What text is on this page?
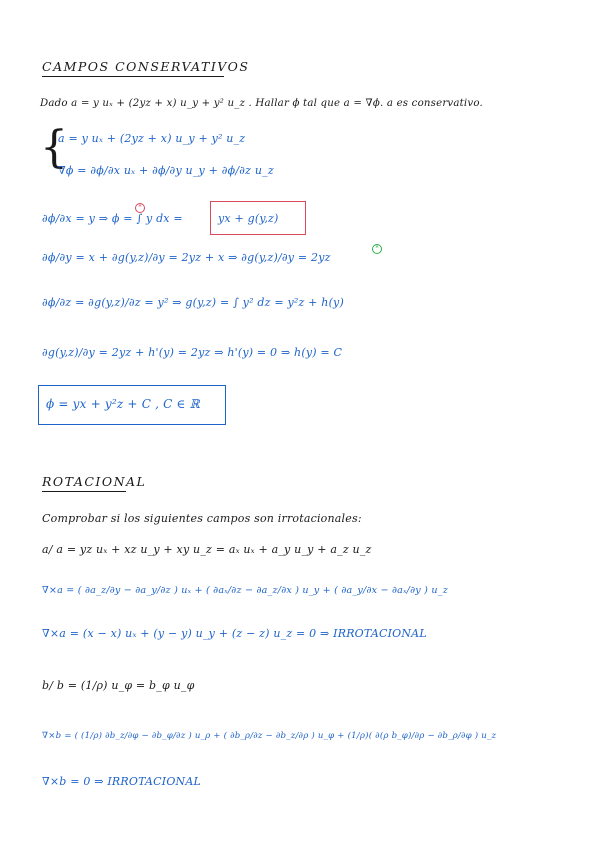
CAMPOS CONSERVATIVOS
Dado a = y uₓ + (2yz + x) u_y + y² u_z . Hallar ϕ tal que a = ∇ϕ. a es conservativo.
{
a = y uₓ + (2yz + x) u_y + y² u_z
∇ϕ = ∂ϕ/∂x uₓ + ∂ϕ/∂y u_y + ∂ϕ/∂z u_z
∂ϕ/∂x = y ⇒ ϕ = ∫ y dx =	yx + g(y,z)
*
∂ϕ/∂y = x + ∂g(y,z)/∂y = 2yz + x ⇒ ∂g(y,z)/∂y = 2yz
*
∂ϕ/∂z = ∂g(y,z)/∂z = y² ⇒ g(y,z) = ∫ y² dz = y²z + h(y)
∂g(y,z)/∂y = 2yz + h'(y) = 2yz ⇒ h'(y) = 0 ⇒ h(y) = C
ϕ = yx + y²z + C , C ∈ ℝ
ROTACIONAL
Comprobar si los siguientes campos son irrotacionales:
a/ a = yz uₓ + xz u_y + xy u_z = aₓ uₓ + a_y u_y + a_z u_z
∇×a = ( ∂a_z/∂y − ∂a_y/∂z ) uₓ + ( ∂aₓ/∂z − ∂a_z/∂x ) u_y + ( ∂a_y/∂x − ∂aₓ/∂y ) u_z
∇×a = (x − x) uₓ + (y − y) u_y + (z − z) u_z = 0 ⇒ IRROTACIONAL
b/ b = (1/ρ) u_φ = b_φ u_φ
∇×b = ( (1/ρ) ∂b_z/∂φ − ∂b_φ/∂z ) u_ρ + ( ∂b_ρ/∂z − ∂b_z/∂ρ ) u_φ + (1/ρ)( ∂(ρ b_φ)/∂ρ − ∂b_ρ/∂φ ) u_z
∇×b = 0 ⇒ IRROTACIONAL
